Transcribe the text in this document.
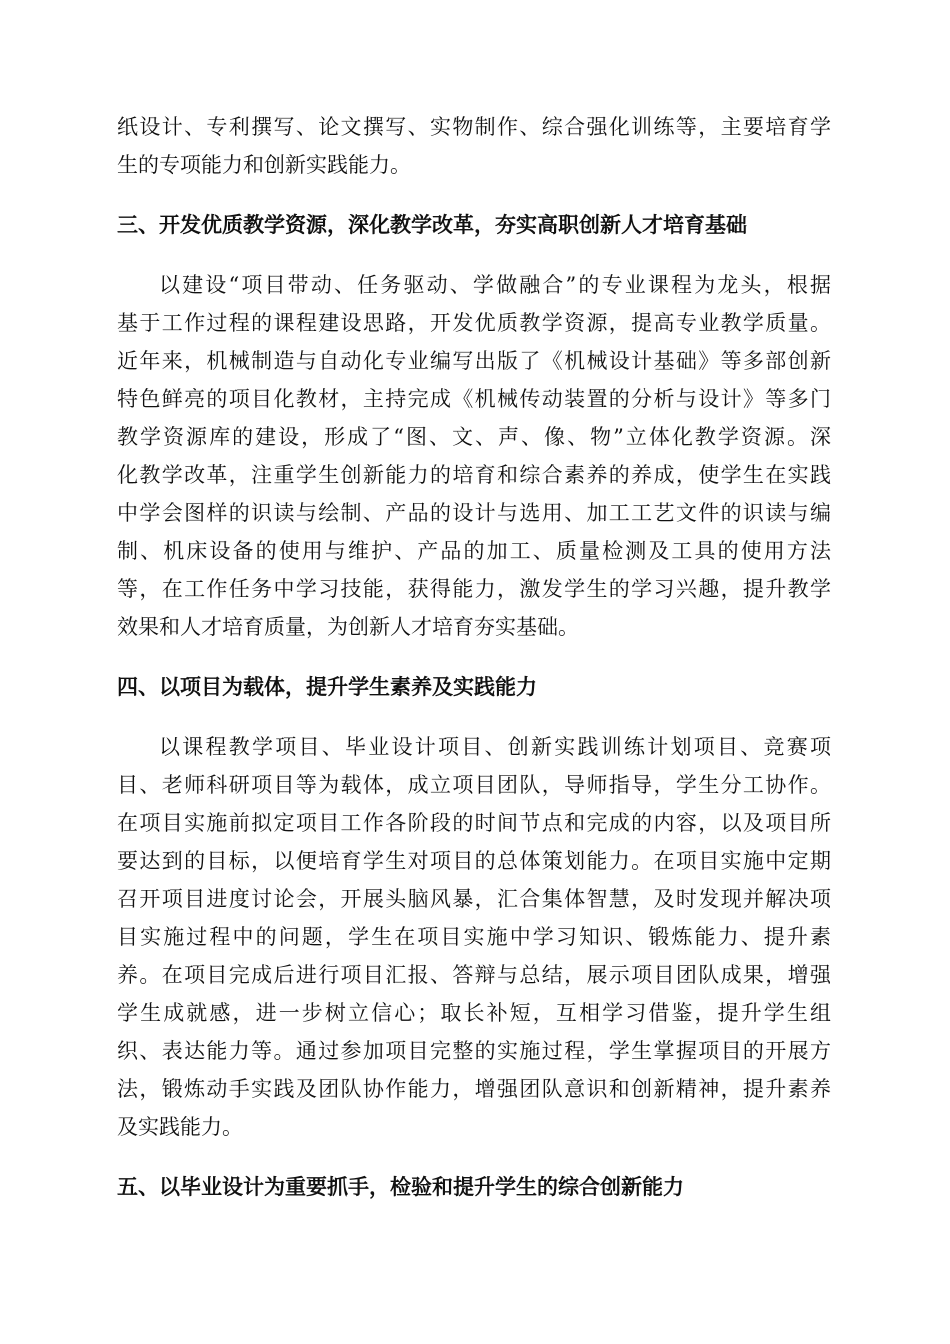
纸设计、专利撰写、论文撰写、实物制作、综合强化训练等，主要培育学
生的专项能力和创新实践能力。
三、开发优质教学资源，深化教学改革，夯实高职创新人才培育基础
以建设“项目带动、任务驱动、学做融合”的专业课程为龙头，根据
基于工作过程的课程建设思路，开发优质教学资源，提高专业教学质量。
近年来，机械制造与自动化专业编写出版了《机械设计基础》等多部创新
特色鲜亮的项目化教材，主持完成《机械传动装置的分析与设计》等多门
教学资源库的建设，形成了“图、文、声、像、物”立体化教学资源。深
化教学改革，注重学生创新能力的培育和综合素养的养成，使学生在实践
中学会图样的识读与绘制、产品的设计与选用、加工工艺文件的识读与编
制、机床设备的使用与维护、产品的加工、质量检测及工具的使用方法
等，在工作任务中学习技能，获得能力，激发学生的学习兴趣，提升教学
效果和人才培育质量，为创新人才培育夯实基础。
四、以项目为载体，提升学生素养及实践能力
以课程教学项目、毕业设计项目、创新实践训练计划项目、竞赛项
目、老师科研项目等为载体，成立项目团队，导师指导，学生分工协作。
在项目实施前拟定项目工作各阶段的时间节点和完成的内容，以及项目所
要达到的目标，以便培育学生对项目的总体策划能力。在项目实施中定期
召开项目进度讨论会，开展头脑风暴，汇合集体智慧，及时发现并解决项
目实施过程中的问题，学生在项目实施中学习知识、锻炼能力、提升素
养。在项目完成后进行项目汇报、答辩与总结，展示项目团队成果，增强
学生成就感，进一步树立信心；取长补短，互相学习借鉴，提升学生组
织、表达能力等。通过参加项目完整的实施过程，学生掌握项目的开展方
法，锻炼动手实践及团队协作能力，增强团队意识和创新精神，提升素养
及实践能力。
五、以毕业设计为重要抓手，检验和提升学生的综合创新能力
